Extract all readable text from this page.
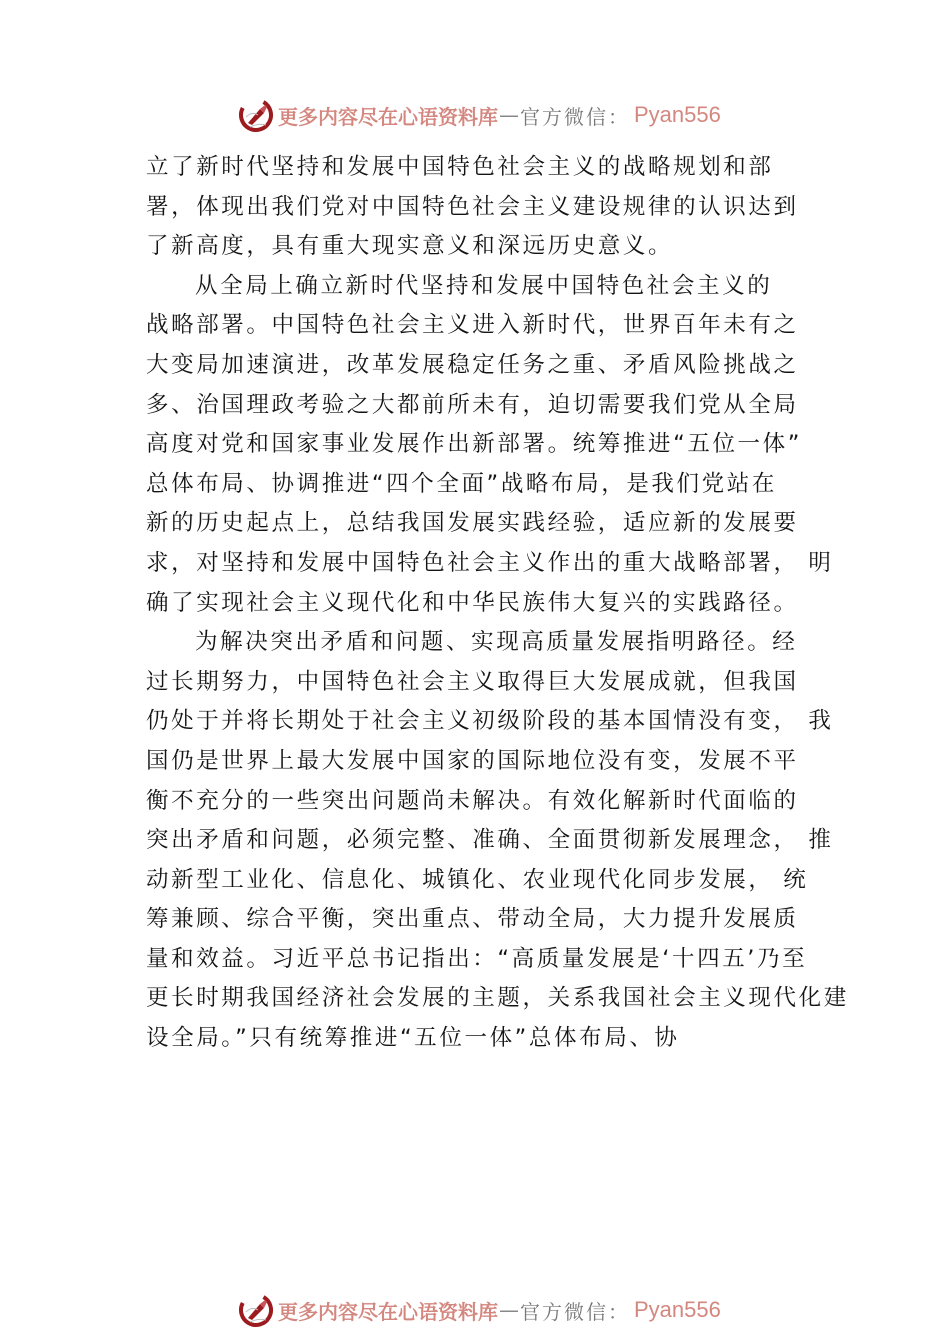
更多内容尽在心语资料库 — 官方微信： Pyan556
立了新时代坚持和发展中国特色社会主义的战略规划和部
署，体现出我们党对中国特色社会主义建设规律的认识达到
了新高度，具有重大现实意义和深远历史意义。
从全局上确立新时代坚持和发展中国特色社会主义的
战略部署。中国特色社会主义进入新时代，世界百年未有之
大变局加速演进，改革发展稳定任务之重、矛盾风险挑战之
多、治国理政考验之大都前所未有，迫切需要我们党从全局
高度对党和国家事业发展作出新部署。统筹推进“五位一体”
总体布局、协调推进“四个全面”战略布局，是我们党站在
新的历史起点上，总结我国发展实践经验，适应新的发展要
求，对坚持和发展中国特色社会主义作出的重大战略部署， 明
确了实现社会主义现代化和中华民族伟大复兴的实践路径。
为解决突出矛盾和问题、实现高质量发展指明路径。经
过长期努力，中国特色社会主义取得巨大发展成就，但我国
仍处于并将长期处于社会主义初级阶段的基本国情没有变， 我
国仍是世界上最大发展中国家的国际地位没有变，发展不平
衡不充分的一些突出问题尚未解决。有效化解新时代面临的
突出矛盾和问题，必须完整、准确、全面贯彻新发展理念， 推
动新型工业化、信息化、城镇化、农业现代化同步发展， 统
筹兼顾、综合平衡，突出重点、带动全局，大力提升发展质
量和效益。习近平总书记指出：“高质量发展是‘十四五’乃至
更长时期我国经济社会发展的主题，关系我国社会主义现代化建
设全局。”只有统筹推进“五位一体”总体布局、协
更多内容尽在心语资料库 — 官方微信： Pyan556
